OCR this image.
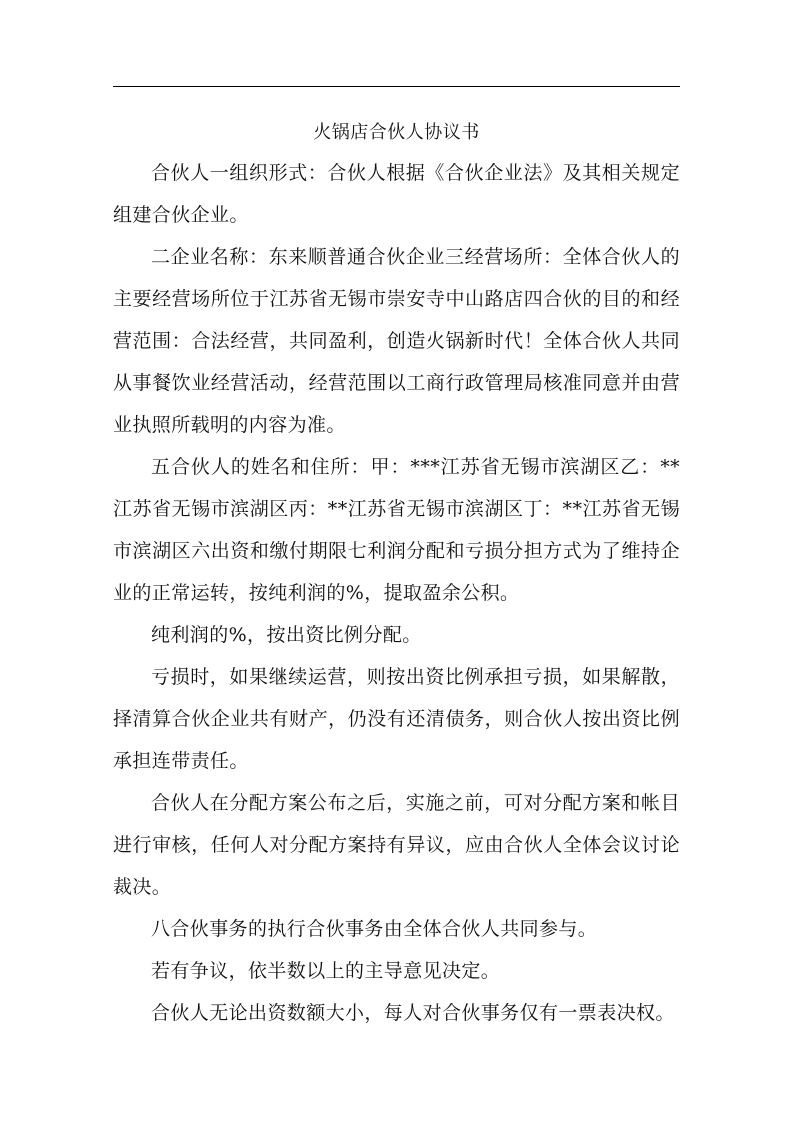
火锅店合伙人协议书

合伙人一组织形式：合伙人根据《合伙企业法》及其相关规定组建合伙企业。

二企业名称：东来顺普通合伙企业三经营场所：全体合伙人的主要经营场所位于江苏省无锡市崇安寺中山路店四合伙的目的和经营范围：合法经营，共同盈利，创造火锅新时代！全体合伙人共同从事餐饮业经营活动，经营范围以工商行政管理局核准同意并由营业执照所载明的内容为准。

五合伙人的姓名和住所：甲：***江苏省无锡市滨湖区乙：**江苏省无锡市滨湖区丙：**江苏省无锡市滨湖区丁：**江苏省无锡市滨湖区六出资和缴付期限七利润分配和亏损分担方式为了维持企业的正常运转，按纯利润的%，提取盈余公积。

纯利润的%，按出资比例分配。

亏损时，如果继续运营，则按出资比例承担亏损，如果解散，择清算合伙企业共有财产，仍没有还清债务，则合伙人按出资比例承担连带责任。

合伙人在分配方案公布之后，实施之前，可对分配方案和帐目进行审核，任何人对分配方案持有异议，应由合伙人全体会议讨论裁决。

八合伙事务的执行合伙事务由全体合伙人共同参与。

若有争议，依半数以上的主导意见决定。

合伙人无论出资数额大小，每人对合伙事务仅有一票表决权。
